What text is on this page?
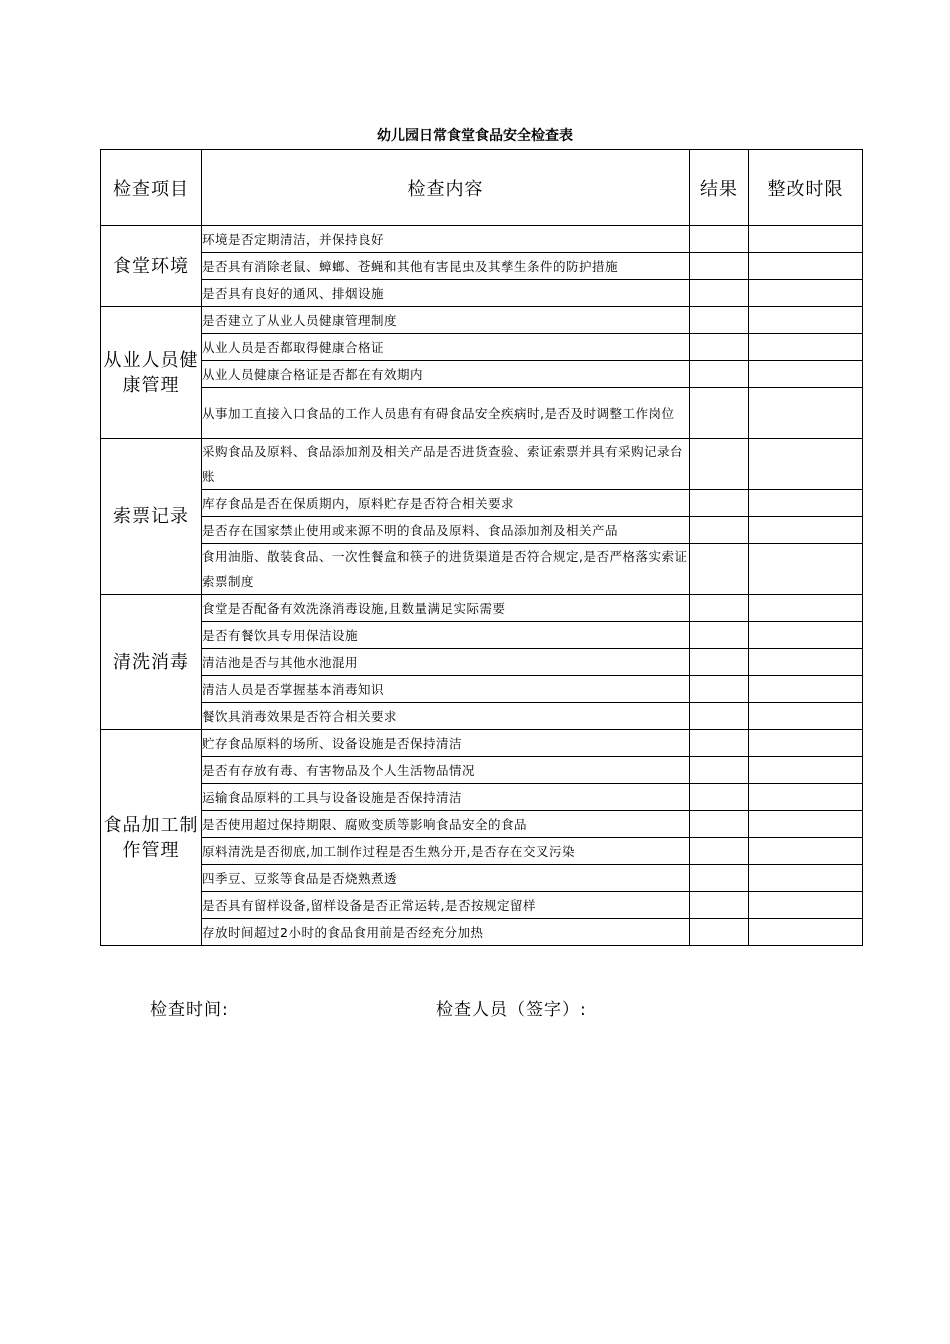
幼儿园日常食堂食品安全检查表
检查项目	检查内容	结果	整改时限
食堂环境	环境是否定期清洁，并保持良好		
	是否具有消除老鼠、蟑螂、苍蝇和其他有害昆虫及其孳生条件的防护措施		
	是否具有良好的通风、排烟设施		
从业人员健康管理	是否建立了从业人员健康管理制度		
	从业人员是否都取得健康合格证		
	从业人员健康合格证是否都在有效期内		
	从事加工直接入口食品的工作人员患有有碍食品安全疾病时,是否及时调整工作岗位		
索票记录	采购食品及原料、食品添加剂及相关产品是否进货查验、索证索票并具有采购记录台账		
	库存食品是否在保质期内，原料贮存是否符合相关要求		
	是否存在国家禁止使用或来源不明的食品及原料、食品添加剂及相关产品		
	食用油脂、散装食品、一次性餐盒和筷子的进货渠道是否符合规定,是否严格落实索证索票制度		
清洗消毒	食堂是否配备有效洗涤消毒设施,且数量满足实际需要		
	是否有餐饮具专用保洁设施		
	清洁池是否与其他水池混用		
	清洁人员是否掌握基本消毒知识		
	餐饮具消毒效果是否符合相关要求		
食品加工制作管理	贮存食品原料的场所、设备设施是否保持清洁		
	是否有存放有毒、有害物品及个人生活物品情况		
	运输食品原料的工具与设备设施是否保持清洁		
	是否使用超过保持期限、腐败变质等影响食品安全的食品		
	原料清洗是否彻底,加工制作过程是否生熟分开,是否存在交叉污染		
	四季豆、豆浆等食品是否烧熟煮透		
	是否具有留样设备,留样设备是否正常运转,是否按规定留样		
	存放时间超过2小时的食品食用前是否经充分加热		
检查时间:	检查人员（签字）:
